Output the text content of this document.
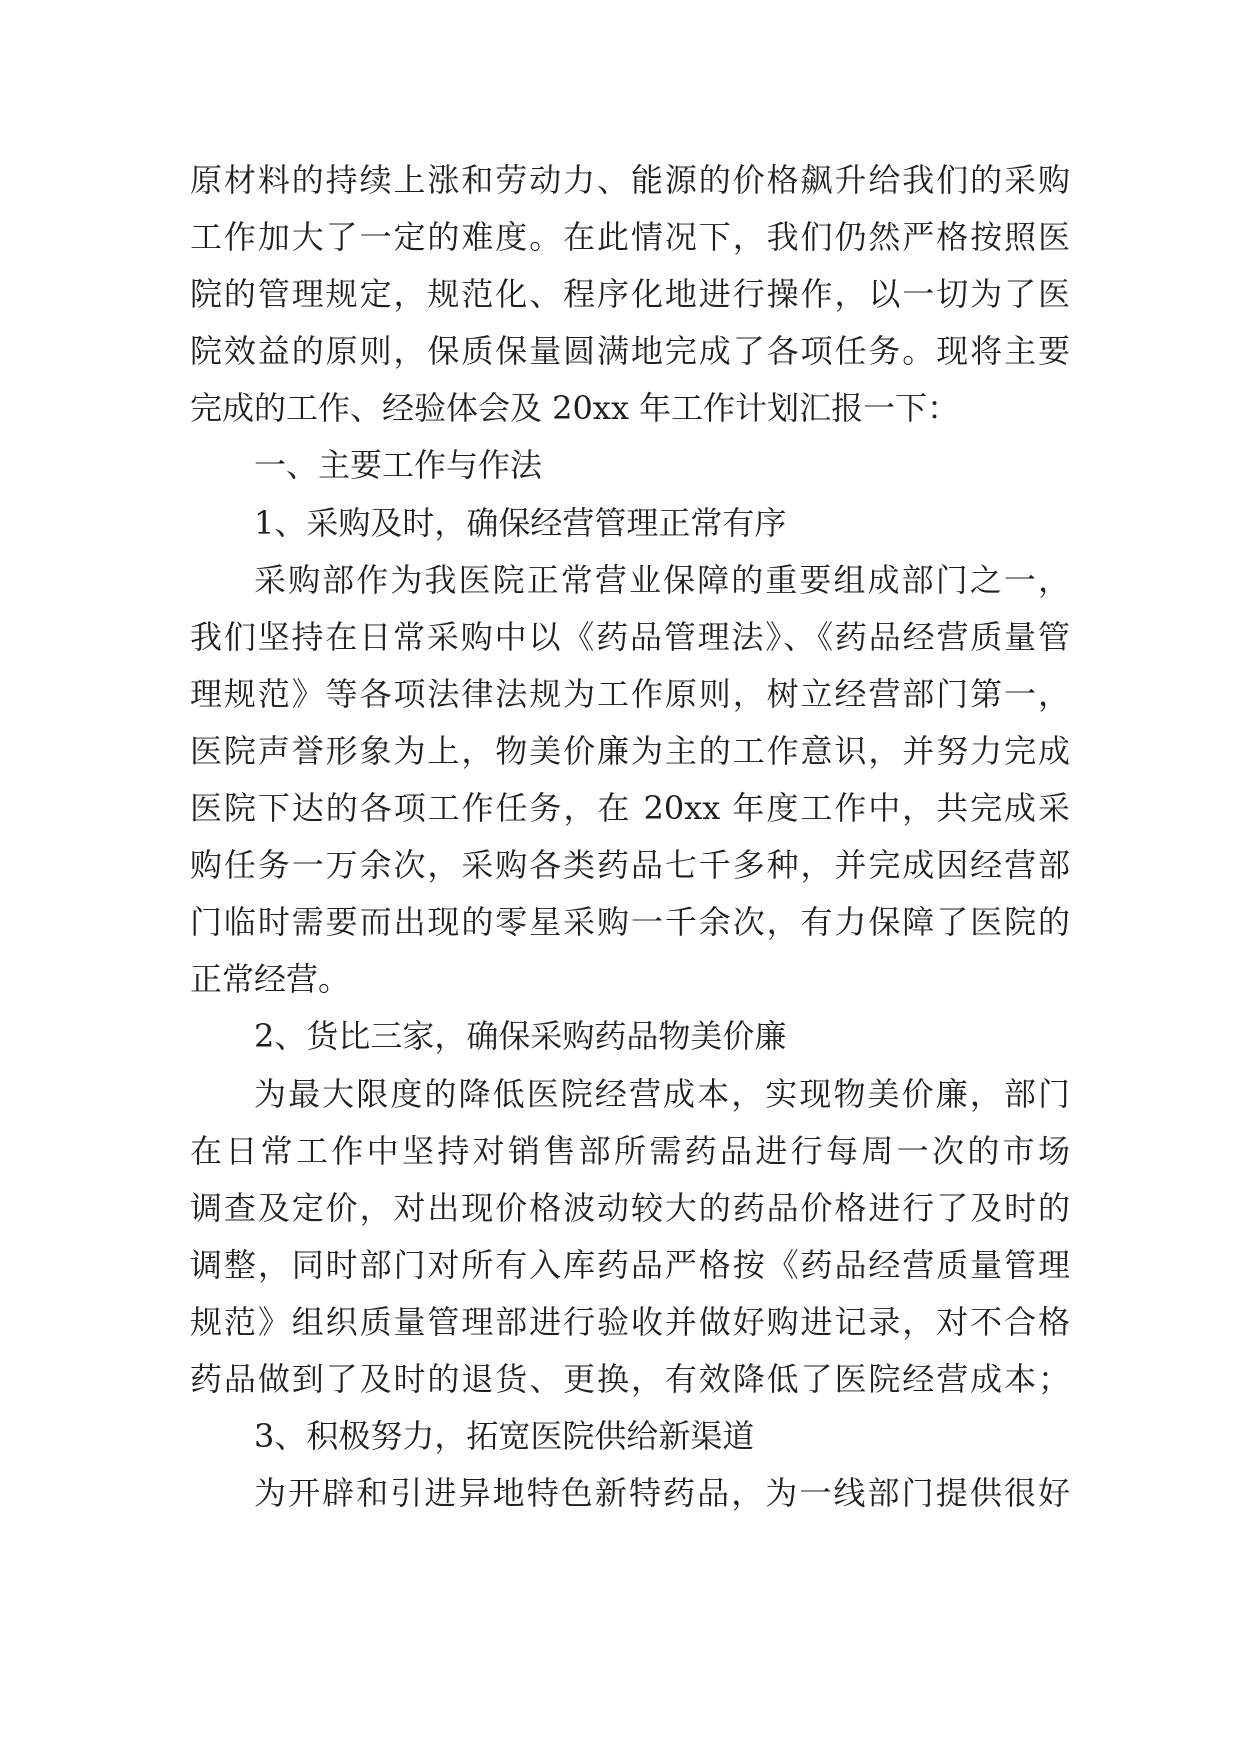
原材料的持续上涨和劳动力、能源的价格飙升给我们的采购
工作加大了一定的难度。在此情况下，我们仍然严格按照医
院的管理规定，规范化、程序化地进行操作，以一切为了医
院效益的原则，保质保量圆满地完成了各项任务。现将主要
完成的工作、经验体会及 20xx 年工作计划汇报一下：
一、主要工作与作法
1、采购及时，确保经营管理正常有序
采购部作为我医院正常营业保障的重要组成部门之一，
我们坚持在日常采购中以《药品管理法》、《药品经营质量管
理规范》等各项法律法规为工作原则，树立经营部门第一，
医院声誉形象为上，物美价廉为主的工作意识，并努力完成
医院下达的各项工作任务，在 20xx 年度工作中，共完成采
购任务一万余次，采购各类药品七千多种，并完成因经营部
门临时需要而出现的零星采购一千余次，有力保障了医院的
正常经营。
2、货比三家，确保采购药品物美价廉
为最大限度的降低医院经营成本，实现物美价廉，部门
在日常工作中坚持对销售部所需药品进行每周一次的市场
调查及定价，对出现价格波动较大的药品价格进行了及时的
调整，同时部门对所有入库药品严格按《药品经营质量管理
规范》组织质量管理部进行验收并做好购进记录，对不合格
药品做到了及时的退货、更换，有效降低了医院经营成本；
3、积极努力，拓宽医院供给新渠道
为开辟和引进异地特色新特药品，为一线部门提供很好
